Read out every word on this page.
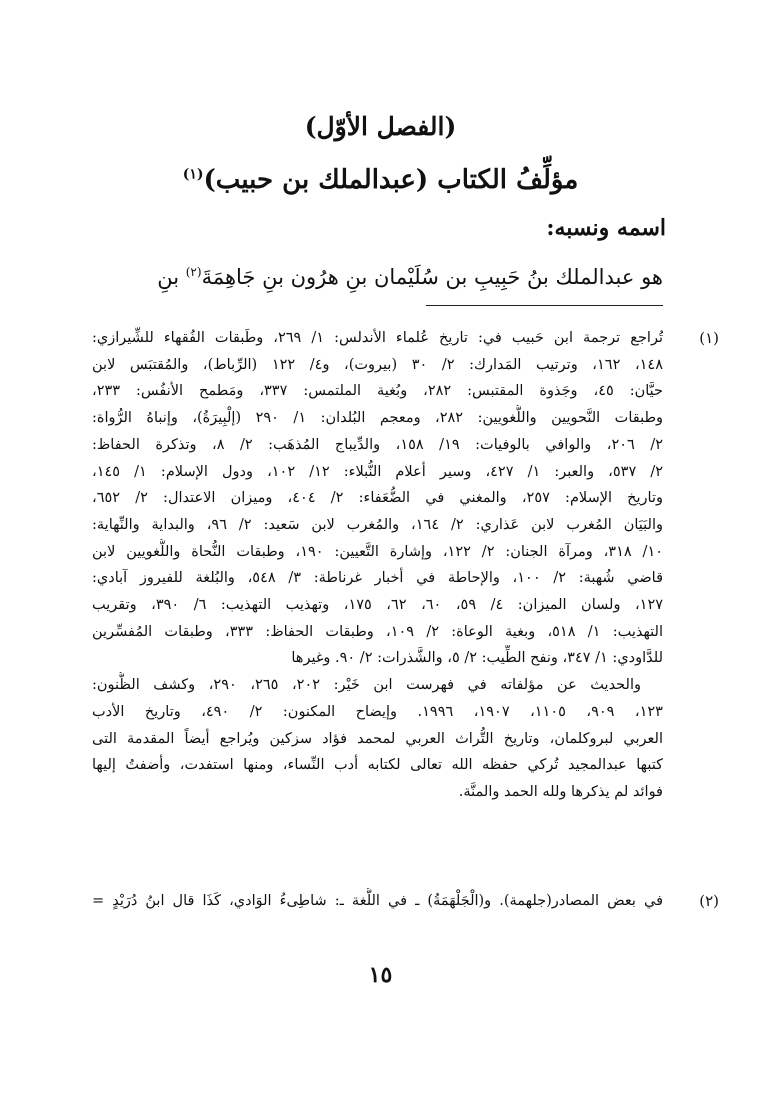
(الفصل الأوّل)
مؤلِّفُ الكتاب (عبدالملك بن حبيب)$^{(١)}$
اسمه ونسبه:
هو عبدالملك بنُ حَبِيبِ بن سُلَيْمان بنِ هرُون بنِ جَاهِمَةَ$^{(٢)}$ بنِ
(١)
تُراجع ترجمة ابن حَبيب في: تاريخ عُلماء الأندلس: ١/ ٢٦٩، وطَبقات الفُقهاء للشِّيرازي:
١٤٨، ١٦٢، وترتيب المَدارك: ٢/ ٣٠ (بيروت)، و٤/ ١٢٢ (الرِّباط)، والمُقتبَس لابن
حيَّان: ٤٥، وجَذوة المقتبس: ٢٨٢، وبُغية الملتمس: ٣٣٧، ومَطمح الأنفُس: ٢٣٣،
وطبقات النَّحويين واللُّغويين: ٢٨٢، ومعجم البُلدان: ١/ ٢٩٠ (إلْبِيرَةُ)، وإنباهُ الرُّواة:
٢/ ٢٠٦، والوافي بالوفيات: ١٩/ ١٥٨، والدِّيباج المُذهَب: ٢/ ٨، وتذكرة الحفاظ:
٢/ ٥٣٧، والعبر: ١/ ٤٢٧، وسير أعلام النُّبلاء: ١٢/ ١٠٢، ودول الإسلام: ١/ ١٤٥،
وتاريخ الإسلام: ٢٥٧، والمغني في الضُّعَفاء: ٢/ ٤٠٤، وميزان الاعتدال: ٢/ ٦٥٢،
والبَيَان المُغرب لابن عَذاري: ٢/ ١٦٤، والمُغرب لابن سَعيد: ٢/ ٩٦، والبداية والنِّهاية:
١٠/ ٣١٨، ومرآة الجنان: ٢/ ١٢٢، وإشارة التَّعيين: ١٩٠، وطبقات النُّحاة واللُّغويين لابن
قاضي شُهبة: ٢/ ١٠٠، والإحاطة في أخبار غرناطة: ٣/ ٥٤٨، والبُلغة للفيروز آبادي:
١٢٧، ولسان الميزان: ٤/ ٥٩، ٦٠، ٦٢، ١٧٥، وتهذيب التهذيب: ٦/ ٣٩٠، وتقريب
التهذيب: ١/ ٥١٨، وبغية الوعاة: ٢/ ١٠٩، وطبقات الحفاظ: ٣٣٣، وطبقات المُفسِّرين
للدَّاودي: ١/ ٣٤٧، ونفح الطِّيب: ٢/ ٥، والشَّذرات: ٢/ ٩٠. وغيرها
والحديث عن مؤلفاته في فهرست ابن خَيْر: ٢٠٢، ٢٦٥، ٢٩٠، وكشف الظُّنون:
١٢٣، ٩٠٩، ١١٠٥، ١٩٠٧، ١٩٩٦. وإيضاح المكنون: ٢/ ٤٩٠، وتاريخ الأدب
العربي لبروكلمان، وتاريخ التُّراث العربي لمحمد فؤاد سزكين ويُراجع أيضاً المقدمة التى
كتبها عبدالمجيد تُركي حفظه الله تعالى لكتابه أدب النِّساء، ومنها استفدت، وأضفتُ إليها
فوائد لم يذكرها ولله الحمد والمنَّة.
(٢)
في بعض المصادر(جلهمة). و(الْجَلْهَمَةُ) ـ في اللُّغة ـ: شاطِىءُ الوَادي، كَذَا قال ابنُ دُرَيْدٍ =
١٥
